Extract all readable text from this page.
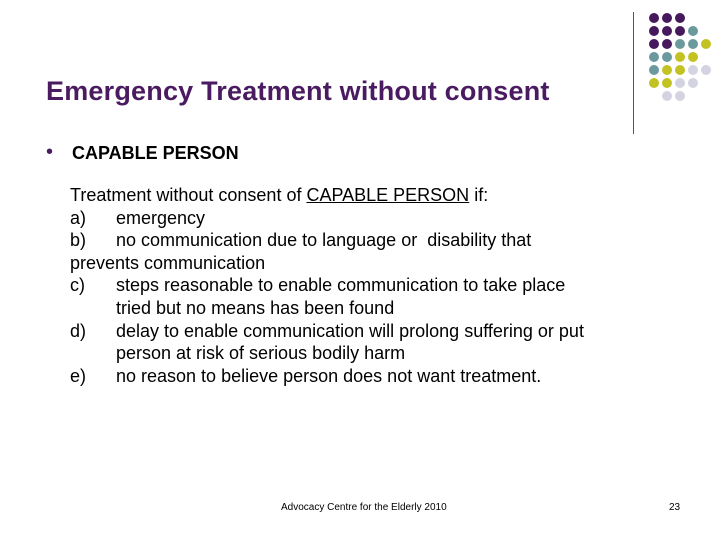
Emergency Treatment without consent
• CAPABLE PERSON
Treatment without consent of CAPABLE PERSON if:
a)	emergency
b)	no communication due to language or  disability that
prevents communication
c)	steps reasonable to enable communication to take place
tried but no means has been found
d)	delay to enable communication will prolong suffering or put
person at risk of serious bodily harm
e)	no reason to believe person does not want treatment.
Advocacy Centre for the Elderly 2010	23
